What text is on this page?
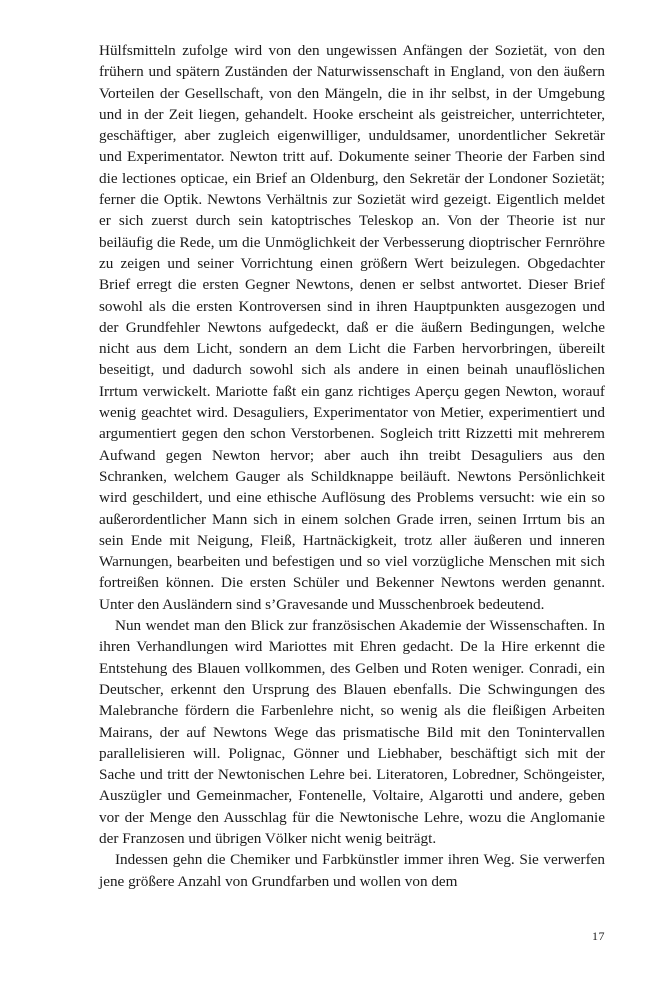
Hülfsmitteln zufolge wird von den ungewissen Anfängen der Sozietät, von den frühern und spätern Zuständen der Naturwissenschaft in England, von den äußern Vorteilen der Gesellschaft, von den Mängeln, die in ihr selbst, in der Umgebung und in der Zeit liegen, gehandelt. Hooke erscheint als geistreicher, unterrichteter, geschäftiger, aber zugleich eigenwilliger, unduldsamer, unordentlicher Sekretär und Experimentator. Newton tritt auf. Dokumente seiner Theorie der Farben sind die lectiones opticae, ein Brief an Oldenburg, den Sekretär der Londoner Sozietät; ferner die Optik. Newtons Verhältnis zur Sozietät wird gezeigt. Eigentlich meldet er sich zuerst durch sein katoptrisches Teleskop an. Von der Theorie ist nur beiläufig die Rede, um die Unmöglichkeit der Verbesserung dioptrischer Fernröhre zu zeigen und seiner Vorrichtung einen größern Wert beizulegen. Obgedachter Brief erregt die ersten Gegner Newtons, denen er selbst antwortet. Dieser Brief sowohl als die ersten Kontroversen sind in ihren Hauptpunkten ausgezogen und der Grundfehler Newtons aufgedeckt, daß er die äußern Bedingungen, welche nicht aus dem Licht, sondern an dem Licht die Farben hervorbringen, übereilt beseitigt, und dadurch sowohl sich als andere in einen beinah unauflöslichen Irrtum verwickelt. Mariotte faßt ein ganz richtiges Aperçu gegen Newton, worauf wenig geachtet wird. Desaguliers, Experimentator von Metier, experimentiert und argumentiert gegen den schon Verstorbenen. Sogleich tritt Rizzetti mit mehrerem Aufwand gegen Newton hervor; aber auch ihn treibt Desaguliers aus den Schranken, welchem Gauger als Schildknappe beiläuft. Newtons Persönlichkeit wird geschildert, und eine ethische Auflösung des Problems versucht: wie ein so außerordentlicher Mann sich in einem solchen Grade irren, seinen Irrtum bis an sein Ende mit Neigung, Fleiß, Hartnäckigkeit, trotz aller äußeren und inneren Warnungen, bearbeiten und befestigen und so viel vorzügliche Menschen mit sich fortreißen können. Die ersten Schüler und Bekenner Newtons werden genannt. Unter den Ausländern sind s’Gravesande und Musschenbroek bedeutend.

Nun wendet man den Blick zur französischen Akademie der Wissenschaften. In ihren Verhandlungen wird Mariottes mit Ehren gedacht. De la Hire erkennt die Entstehung des Blauen vollkommen, des Gelben und Roten weniger. Conradi, ein Deutscher, erkennt den Ursprung des Blauen ebenfalls. Die Schwingungen des Malebranche fördern die Farbenlehre nicht, so wenig als die fleißigen Arbeiten Mairans, der auf Newtons Wege das prismatische Bild mit den Tonintervallen parallelisieren will. Polignac, Gönner und Liebhaber, beschäftigt sich mit der Sache und tritt der Newtonischen Lehre bei. Literatoren, Lobredner, Schöngeister, Auszügler und Gemeinmacher, Fontenelle, Voltaire, Algarotti und andere, geben vor der Menge den Ausschlag für die Newtonische Lehre, wozu die Anglomanie der Franzosen und übrigen Völker nicht wenig beiträgt.

Indessen gehn die Chemiker und Farbkünstler immer ihren Weg. Sie verwerfen jene größere Anzahl von Grundfarben und wollen von dem

17
